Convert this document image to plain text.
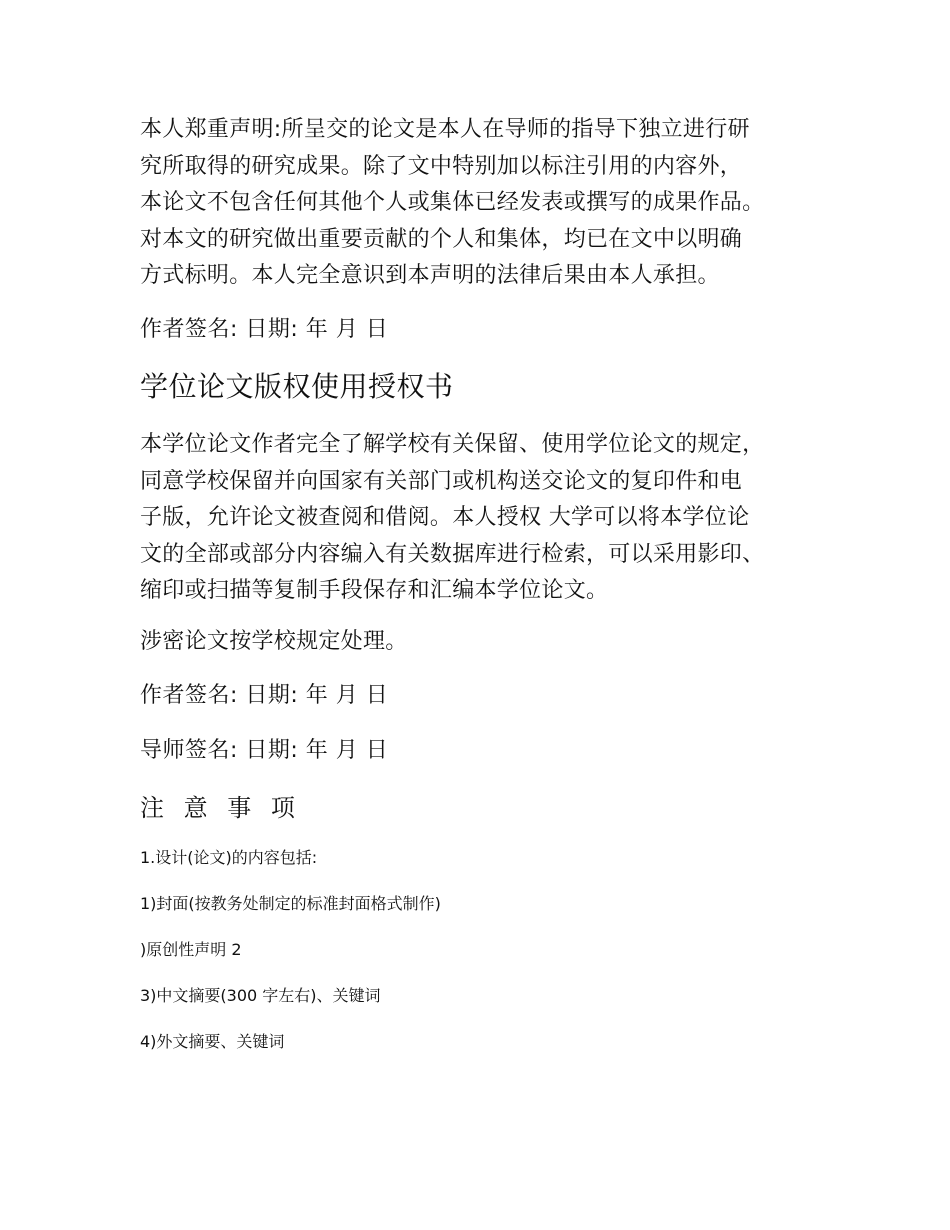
本人郑重声明:所呈交的论文是本人在导师的指导下独立进行研
究所取得的研究成果。除了文中特别加以标注引用的内容外，
本论文不包含任何其他个人或集体已经发表或撰写的成果作品。
对本文的研究做出重要贡献的个人和集体，均已在文中以明确
方式标明。本人完全意识到本声明的法律后果由本人承担。

作者签名: 日期: 年 月 日

学位论文版权使用授权书

本学位论文作者完全了解学校有关保留、使用学位论文的规定，
同意学校保留并向国家有关部门或机构送交论文的复印件和电
子版，允许论文被查阅和借阅。本人授权 大学可以将本学位论
文的全部或部分内容编入有关数据库进行检索，可以采用影印、
缩印或扫描等复制手段保存和汇编本学位论文。

涉密论文按学校规定处理。

作者签名: 日期: 年 月 日

导师签名: 日期: 年 月 日

注 意 事 项

1.设计(论文)的内容包括:

1)封面(按教务处制定的标准封面格式制作)

)原创性声明 2

3)中文摘要(300 字左右)、关键词

4)外文摘要、关键词
